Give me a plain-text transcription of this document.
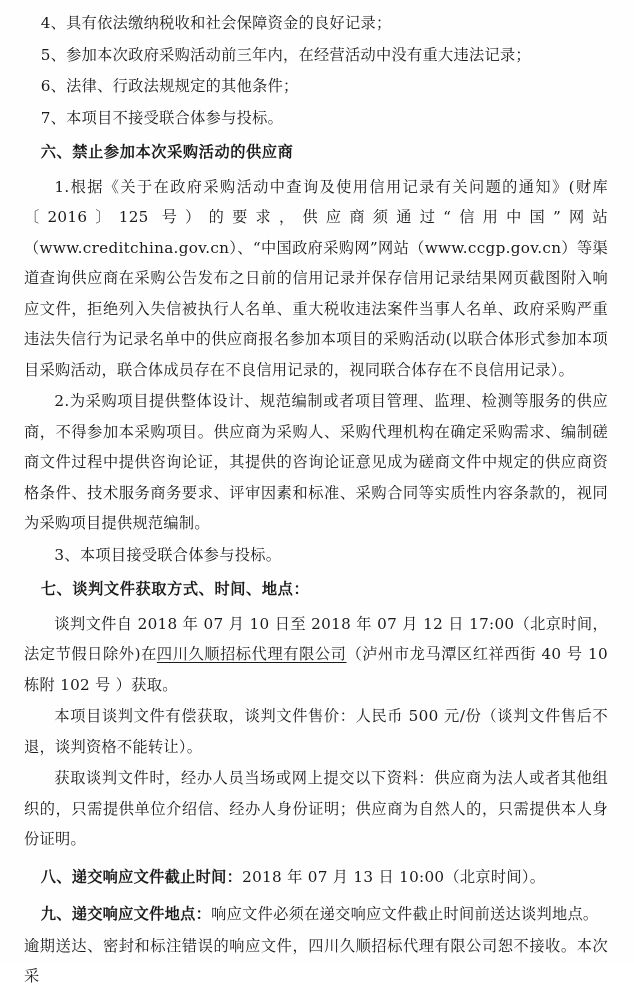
4、具有依法缴纳税收和社会保障资金的良好记录；

5、参加本次政府采购活动前三年内，在经营活动中没有重大违法记录；

6、法律、行政法规规定的其他条件；

7、本项目不接受联合体参与投标。

六、禁止参加本次采购活动的供应商

1.根据《关于在政府采购活动中查询及使用信用记录有关问题的通知》(财库〔2016〕125 号）的要求，供应商须通过“信用中国”网站（www.creditchina.gov.cn）、“中国政府采购网”网站（www.ccgp.gov.cn）等渠道查询供应商在采购公告发布之日前的信用记录并保存信用记录结果网页截图附入响应文件，拒绝列入失信被执行人名单、重大税收违法案件当事人名单、政府采购严重违法失信行为记录名单中的供应商报名参加本项目的采购活动(以联合体形式参加本项目采购活动，联合体成员存在不良信用记录的，视同联合体存在不良信用记录）。

2.为采购项目提供整体设计、规范编制或者项目管理、监理、检测等服务的供应商，不得参加本采购项目。供应商为采购人、采购代理机构在确定采购需求、编制磋商文件过程中提供咨询论证，其提供的咨询论证意见成为磋商文件中规定的供应商资格条件、技术服务商务要求、评审因素和标准、采购合同等实质性内容条款的，视同为采购项目提供规范编制。

3、本项目接受联合体参与投标。

七、谈判文件获取方式、时间、地点：

谈判文件自 2018 年 07 月 10 日至 2018 年 07 月 12 日 17:00（北京时间，法定节假日除外)在四川久顺招标代理有限公司（泸州市龙马潭区红祥西街 40 号 10 栋附 102 号 ）获取。

本项目谈判文件有偿获取，谈判文件售价：人民币 500 元/份（谈判文件售后不退，谈判资格不能转让）。

获取谈判文件时，经办人员当场或网上提交以下资料：供应商为法人或者其他组织的，只需提供单位介绍信、经办人身份证明；供应商为自然人的，只需提供本人身份证明。

八、递交响应文件截止时间：2018 年 07 月 13 日 10:00（北京时间）。

九、递交响应文件地点：响应文件必须在递交响应文件截止时间前送达谈判地点。

逾期送达、密封和标注错误的响应文件，四川久顺招标代理有限公司恕不接收。本次采
